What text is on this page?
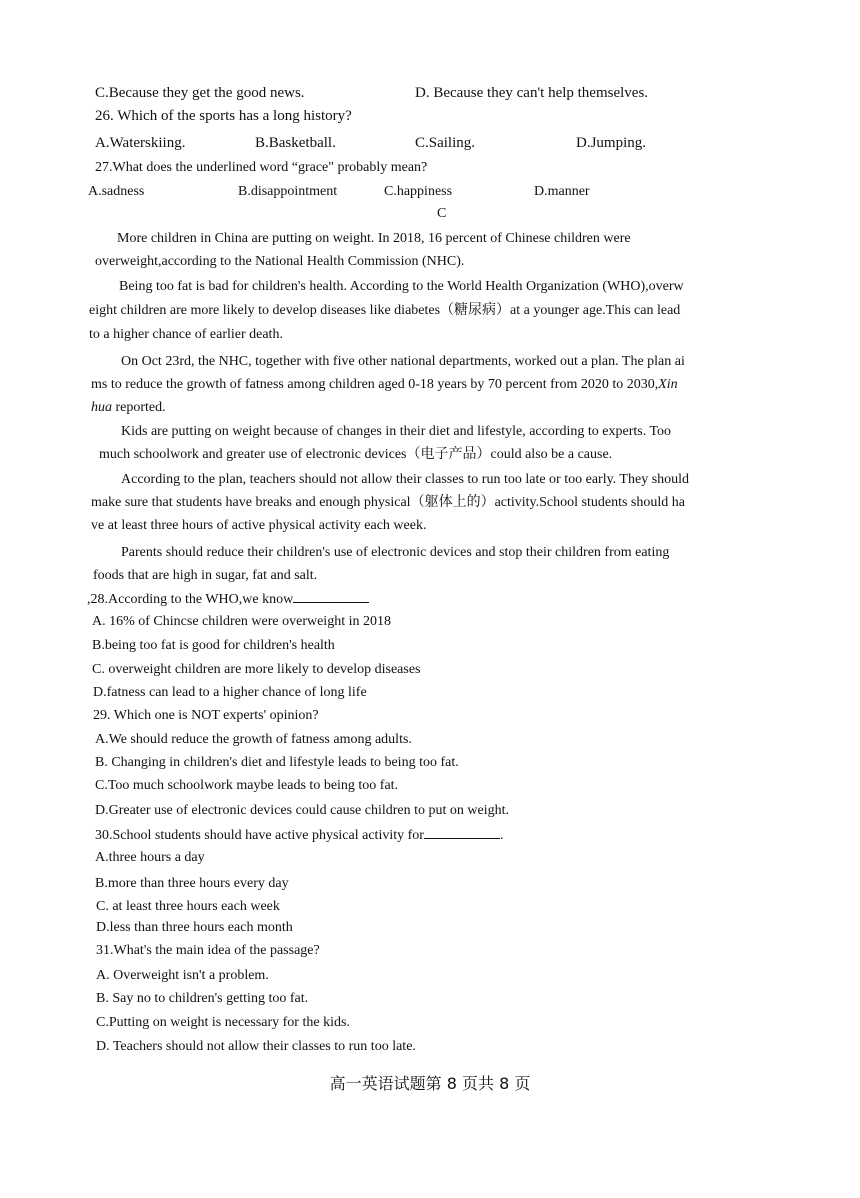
C.Because they get the good news.	D. Because they can't help themselves.
26. Which of the sports has a long history?
A.Waterskiing.	B.Basketball.	C.Sailing.	D.Jumping.
27.What does the underlined word “grace" probably mean?
A.sadness	B.disappointment	C.happiness	D.manner
C
More children in China are putting on weight. In 2018, 16 percent of Chinese children were
overweight,according to the National Health Commission (NHC).
Being too fat is bad for children's health. According to the World Health Organization (WHO),overw
eight children are more likely to develop diseases like diabetes（糖尿病）at a younger age.This can lead
to a higher chance of earlier death.
On Oct 23rd, the NHC, together with five other national departments, worked out a plan. The plan ai
ms to reduce the growth of fatness among children aged 0-18 years by 70 percent from 2020 to 2030,Xin
hua reported.
Kids are putting on weight because of changes in their diet and lifestyle, according to experts. Too
much schoolwork and greater use of electronic devices（电子产品）could also be a cause.
According to the plan, teachers should not allow their classes to run too late or too early. They should
make sure that students have breaks and enough physical（躯体上的）activity.School students should ha
ve at least three hours of active physical activity each week.
Parents should reduce their children's use of electronic devices and stop their children from eating
foods that are high in sugar, fat and salt.
,28.According to the WHO,we know
A. 16% of Chincse children were overweight in 2018
B.being too fat is good for children's health
C. overweight children are more likely to develop diseases
D.fatness can lead to a higher chance of long life
29. Which one is NOT experts' opinion?
A.We should reduce the growth of fatness among adults.
B. Changing in children's diet and lifestyle leads to being too fat.
C.Too much schoolwork maybe leads to being too fat.
D.Greater use of electronic devices could cause children to put on weight.
30.School students should have active physical activity for	.
A.three hours a day
B.more than three hours every day
C. at least three hours each week
D.less than three hours each month
31.What's the main idea of the passage?
A. Overweight isn't a problem.
B. Say no to children's getting too fat.
C.Putting on weight is necessary for the kids.
D. Teachers should not allow their classes to run too late.
高一英语试题第 8 页共 8 页
